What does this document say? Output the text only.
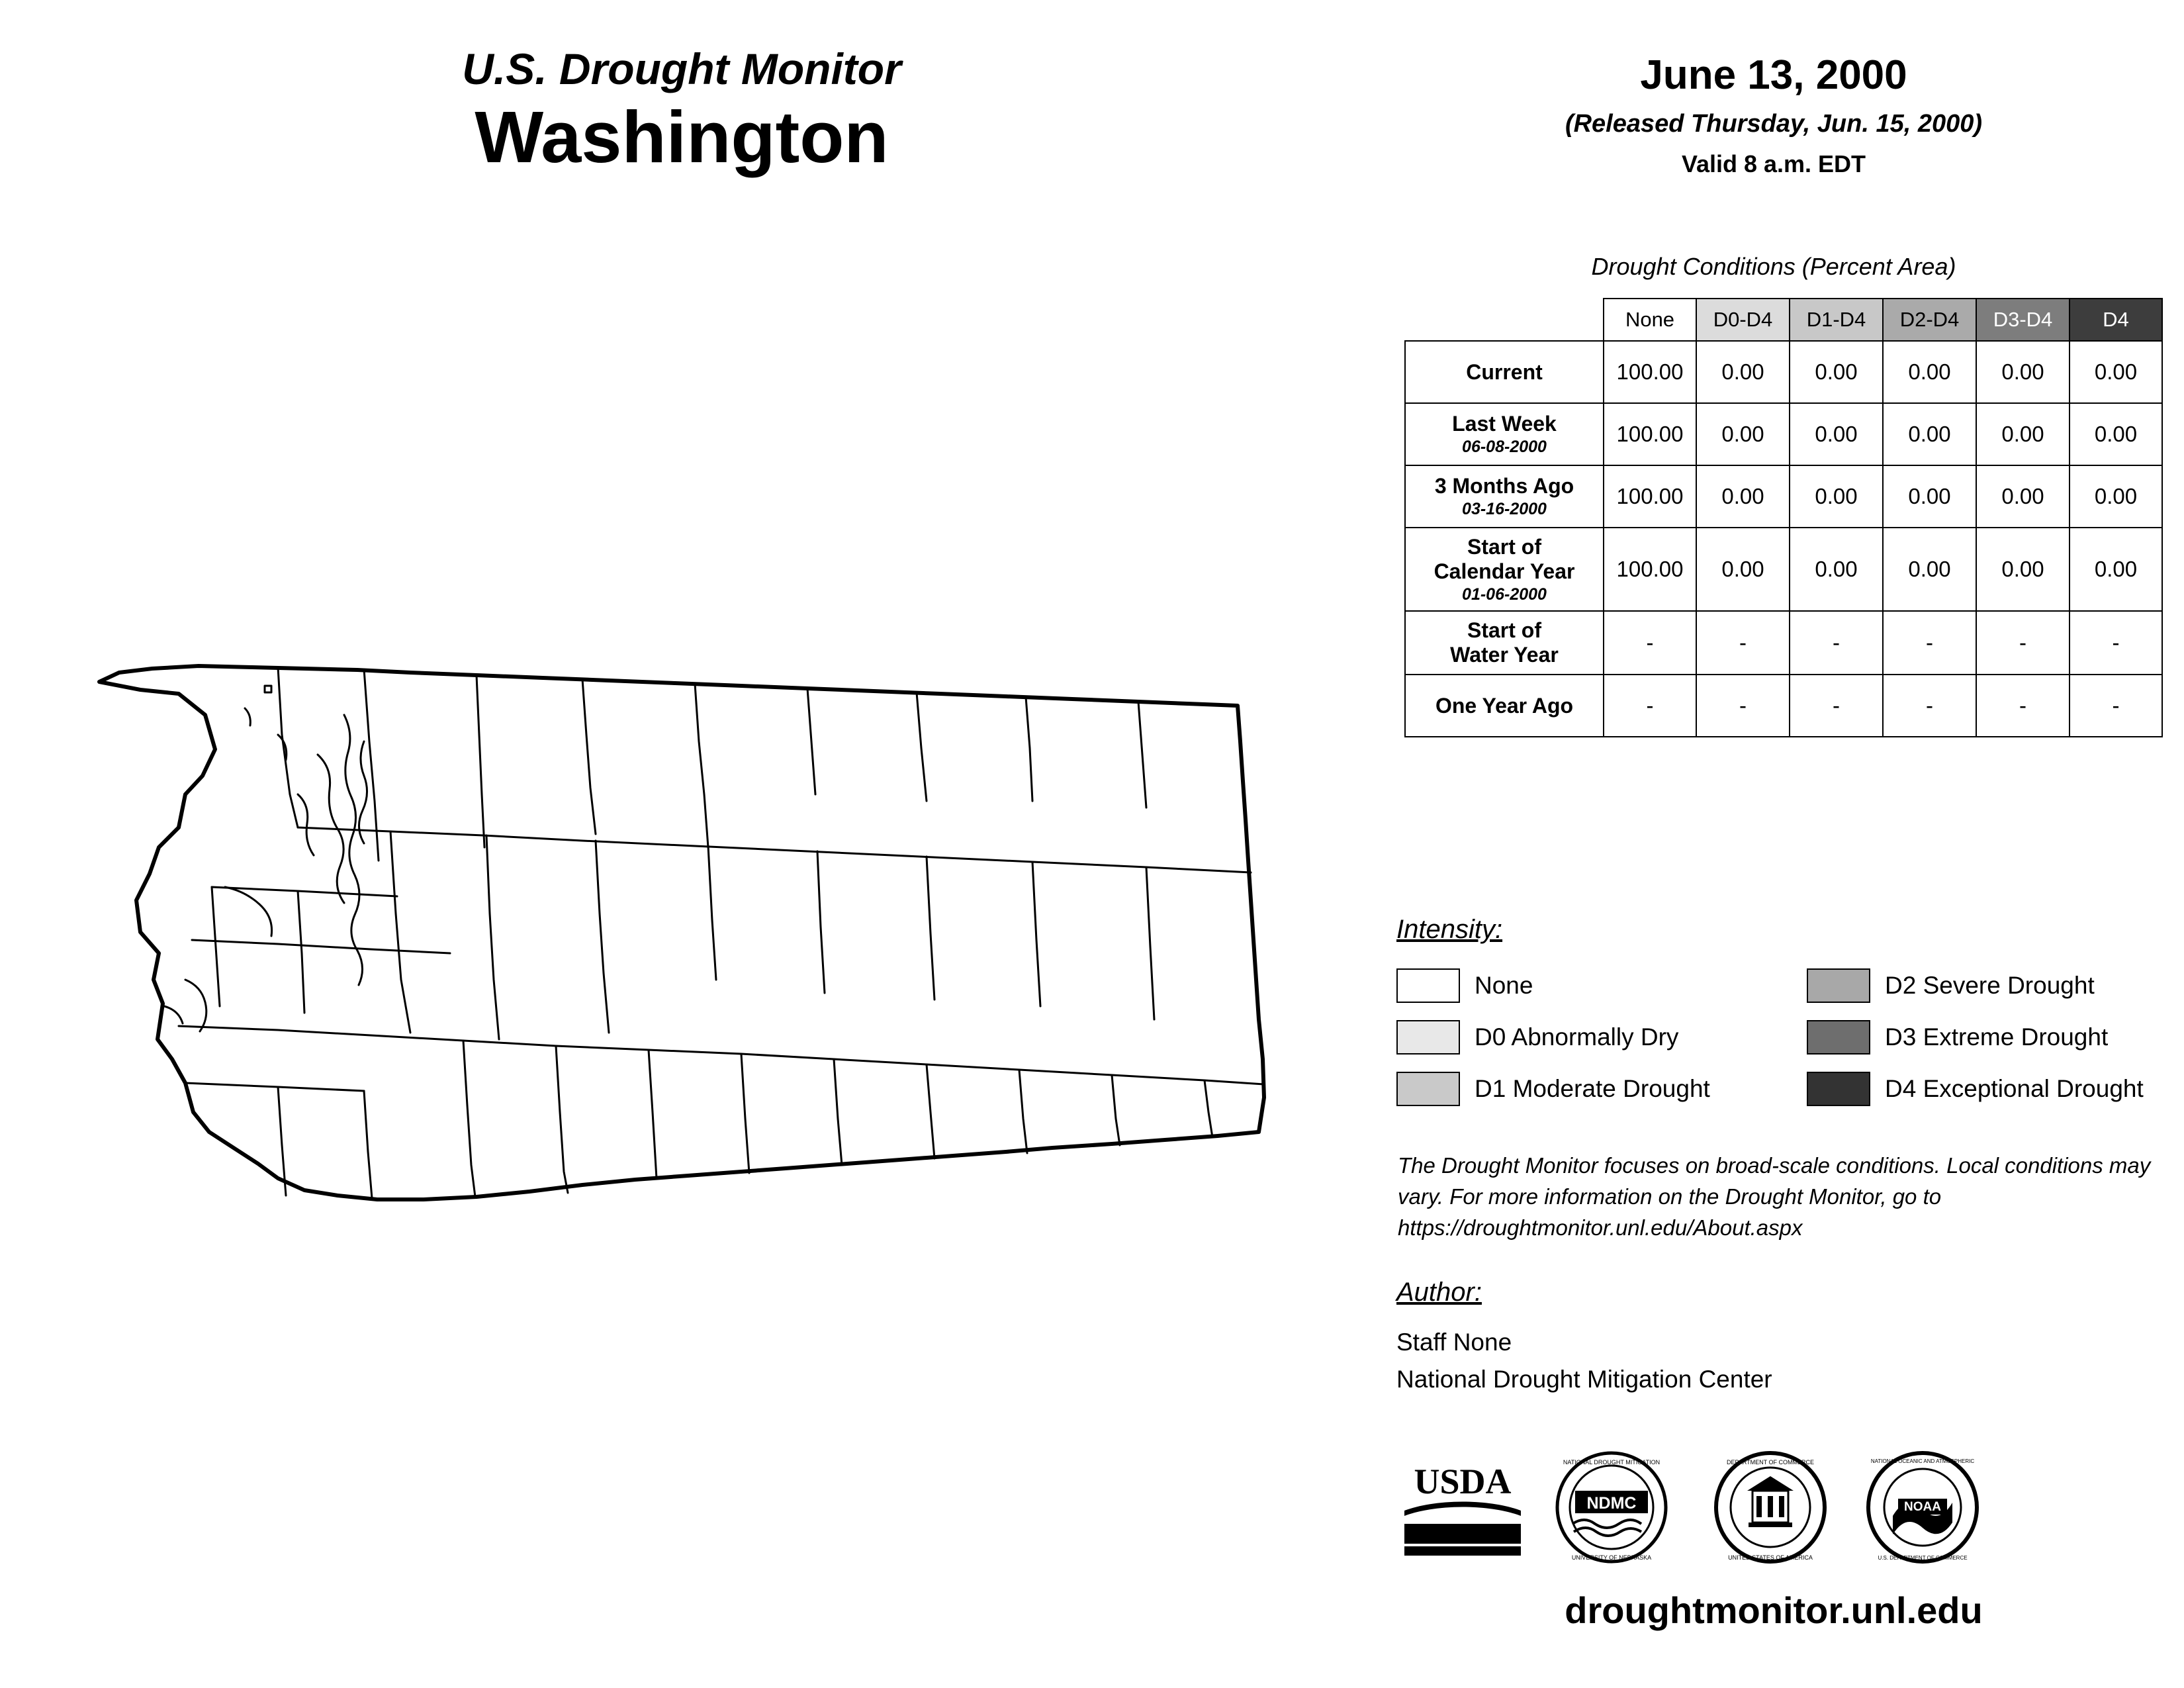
U.S. Drought Monitor
Washington
June 13, 2000
(Released Thursday, Jun. 15, 2000)
Valid 8 a.m. EDT
Drought Conditions (Percent Area)
	None	D0-D4	D1-D4	D2-D4	D3-D4	D4
Current	100.00	0.00	0.00	0.00	0.00	0.00
Last Week
06-08-2000	100.00	0.00	0.00	0.00	0.00	0.00
3 Months Ago
03-16-2000	100.00	0.00	0.00	0.00	0.00	0.00
Start of
Calendar Year
01-06-2000	100.00	0.00	0.00	0.00	0.00	0.00
Start of
Water Year	-	-	-	-	-	-
One Year Ago	-	-	-	-	-	-
Intensity:
None
D0 Abnormally Dry
D1 Moderate Drought
D2 Severe Drought
D3 Extreme Drought
D4 Exceptional Drought
The Drought Monitor focuses on broad-scale conditions. Local conditions may vary. For more information on the Drought Monitor, go to https://droughtmonitor.unl.edu/About.aspx
Author:
Staff None
National Drought Mitigation Center
USDA
NDMC
NATIONAL DROUGHT MITIGATION
UNIVERSITY OF NEBRASKA
DEPARTMENT OF COMMERCE
UNITED STATES OF AMERICA
NOAA
NATIONAL OCEANIC AND ATMOSPHERIC
U.S. DEPARTMENT OF COMMERCE
droughtmonitor.unl.edu
